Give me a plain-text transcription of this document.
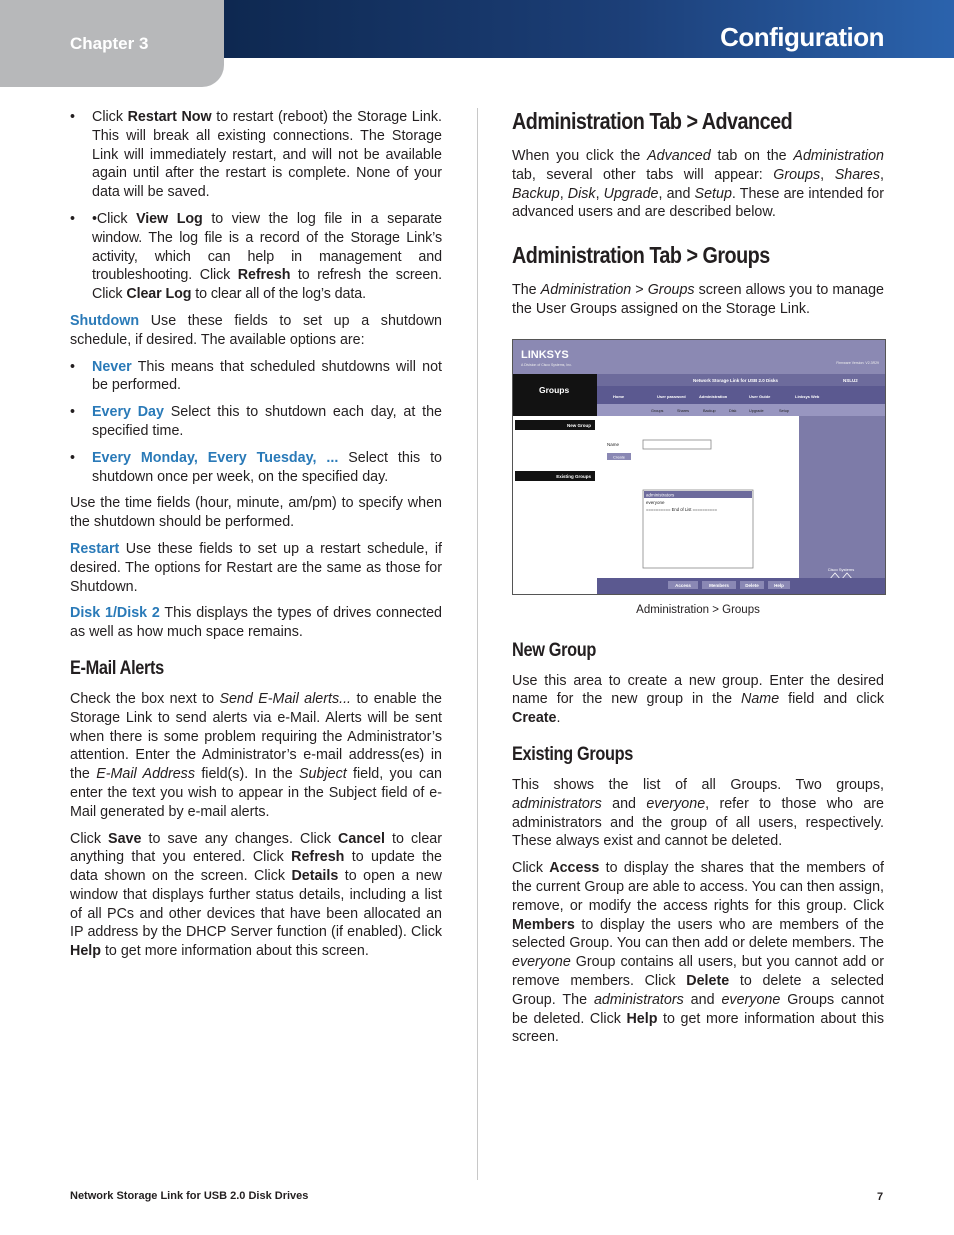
Chapter 3	Configuration
• Click Restart Now to restart (reboot) the Storage Link. This will break all existing connections. The Storage Link will immediately restart, and will not be available again until after the restart is complete. None of your data will be saved.
• •Click View Log to view the log file in a separate window. The log file is a record of the Storage Link’s activity, which can help in management and troubleshooting. Click Refresh to refresh the screen. Click Clear Log to clear all of the log’s data.

Shutdown Use these fields to set up a shutdown schedule, if desired. The available options are:

• Never This means that scheduled shutdowns will not be performed.
• Every Day Select this to shutdown each day, at the specified time.
• Every Monday, Every Tuesday, ... Select this to shutdown once per week, on the specified day.

Use the time fields (hour, minute, am/pm) to specify when the shutdown should be performed.

Restart Use these fields to set up a restart schedule, if desired. The options for Restart are the same as those for Shutdown.

Disk 1/Disk 2 This displays the types of drives connected as well as how much space remains.

E-Mail Alerts

Check the box next to Send E-Mail alerts... to enable the Storage Link to send alerts via e-Mail. Alerts will be sent when there is some problem requiring the Administrator’s attention. Enter the Administrator’s e-mail address(es) in the E-Mail Address field(s). In the Subject field, you can enter the text you wish to appear in the Subject field of e-Mail generated by e-mail alerts.

Click Save to save any changes. Click Cancel to clear anything that you entered. Click Refresh to update the data shown on the screen. Click Details to open a new window that displays further status details, including a list of all PCs and other devices that have been allocated an IP address by the DHCP Server function (if enabled). Click Help to get more information about this screen.

Administration Tab > Advanced

When you click the Advanced tab on the Administration tab, several other tabs will appear: Groups, Shares, Backup, Disk, Upgrade, and Setup. These are intended for advanced users and are described below.

Administration Tab > Groups

The Administration > Groups screen allows you to manage the User Groups assigned on the Storage Link.

LINKSYS
A Division of Cisco Systems, Inc.	Firmware Version: V2.3R29
Groups
Network Storage Link for USB 2.0 Disks	NSLU2
Home	User password	Administration	User Guide	Linksys Web
Groups	Shares	Backup	Disk	Upgrade	Setup
New Group
Existing Groups
Name
Create
administrators
everyone
========== End of List ==========
Cisco Systems
Access	Members	Delete	Help
Administration > Groups
New Group

Use this area to create a new group. Enter the desired name for the new group in the Name field and click Create.

Existing Groups

This shows the list of all Groups. Two groups, administrators and everyone, refer to those who are administrators and the group of all users, respectively. These always exist and cannot be deleted.

Click Access to display the shares that the members of the current Group are able to access. You can then assign, remove, or modify the access rights for this group. Click Members to display the users who are members of the selected Group. You can then add or delete members. The everyone Group contains all users, but you cannot add or remove members. Click Delete to delete a selected Group. The administrators and everyone Groups cannot be deleted. Click Help to get more information about this screen.

Network Storage Link for USB 2.0 Disk Drives	7
